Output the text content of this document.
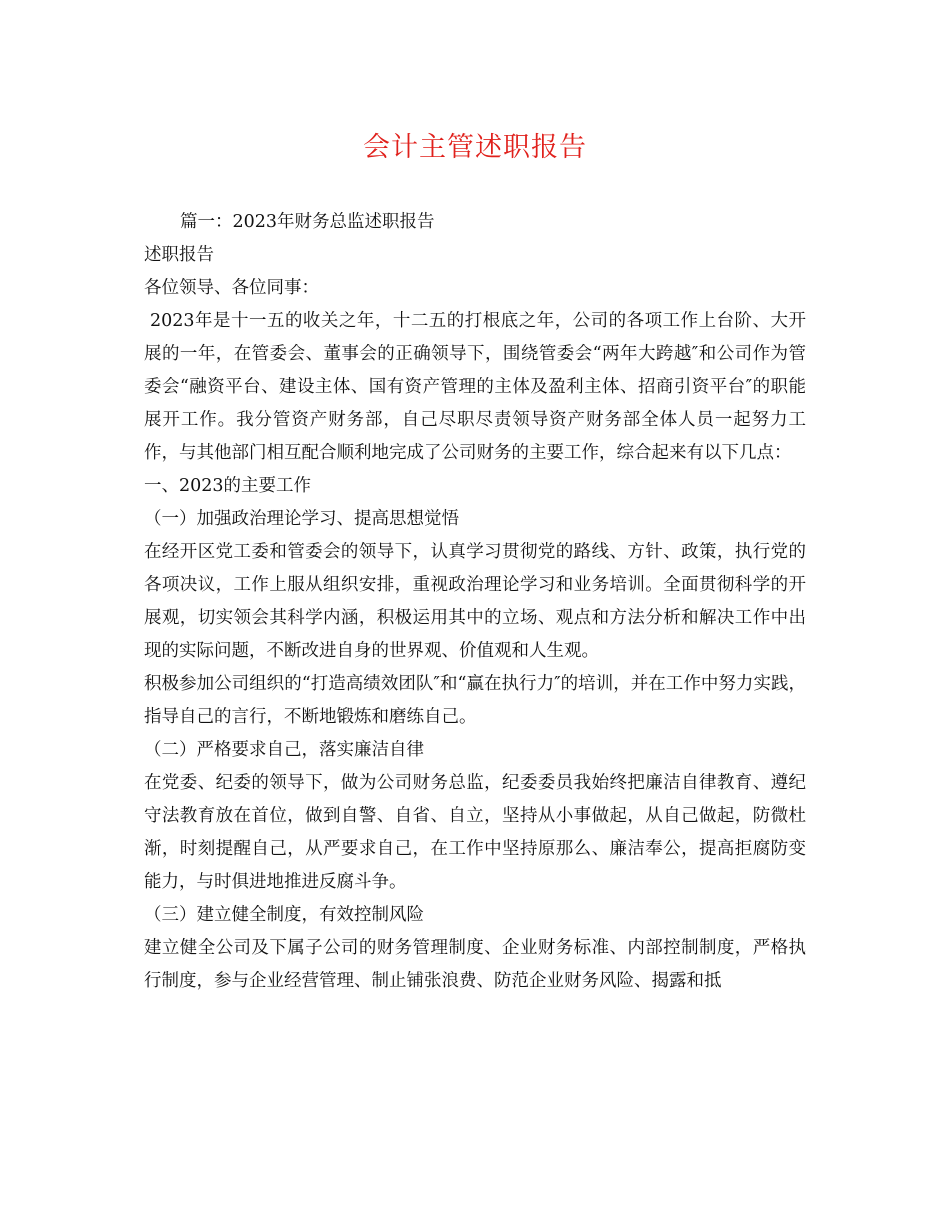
会计主管述职报告

篇一：2023年财务总监述职报告

述职报告

各位领导、各位同事：

2023年是十一五的收关之年，十二五的打根底之年，公司的各项工作上台阶、大开展的一年，在管委会、董事会的正确领导下，围绕管委会“两年大跨越″和公司作为管委会“融资平台、建设主体、国有资产管理的主体及盈利主体、招商引资平台″的职能展开工作。我分管资产财务部，自己尽职尽责领导资产财务部全体人员一起努力工作，与其他部门相互配合顺利地完成了公司财务的主要工作，综合起来有以下几点：

一、2023的主要工作

（一）加强政治理论学习、提高思想觉悟

在经开区党工委和管委会的领导下，认真学习贯彻党的路线、方针、政策，执行党的各项决议，工作上服从组织安排，重视政治理论学习和业务培训。全面贯彻科学的开展观，切实领会其科学内涵，积极运用其中的立场、观点和方法分析和解决工作中出现的实际问题，不断改进自身的世界观、价值观和人生观。

积极参加公司组织的“打造高绩效团队″和“赢在执行力″的培训，并在工作中努力实践，指导自己的言行，不断地锻炼和磨练自己。

（二）严格要求自己，落实廉洁自律

在党委、纪委的领导下，做为公司财务总监，纪委委员我始终把廉洁自律教育、遵纪守法教育放在首位，做到自警、自省、自立，坚持从小事做起，从自己做起，防微杜渐，时刻提醒自己，从严要求自己，在工作中坚持原那么、廉洁奉公，提高拒腐防变能力，与时俱进地推进反腐斗争。

（三）建立健全制度，有效控制风险

建立健全公司及下属子公司的财务管理制度、企业财务标准、内部控制制度，严格执行制度，参与企业经营管理、制止铺张浪费、防范企业财务风险、揭露和抵
